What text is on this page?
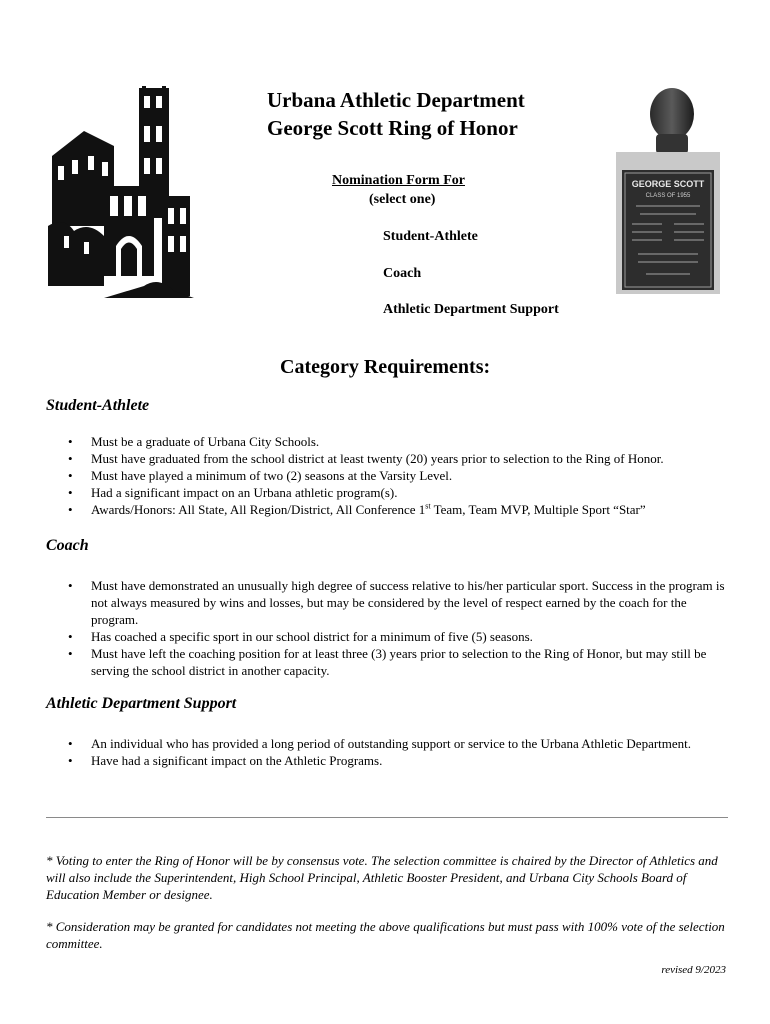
Urbana Athletic Department
George Scott Ring of Honor
Nomination Form For
(select one)
Student-Athlete
Coach
Athletic Department Support
GEORGE SCOTT
CLASS OF 1955
Category Requirements:
Student-Athlete
• Must be a graduate of Urbana City Schools.
• Must have graduated from the school district at least twenty (20) years prior to selection to the Ring of Honor.
• Must have played a minimum of two (2) seasons at the Varsity Level.
• Had a significant impact on an Urbana athletic program(s).
• Awards/Honors: All State, All Region/District, All Conference 1st Team, Team MVP, Multiple Sport “Star”
Coach
• Must have demonstrated an unusually high degree of success relative to his/her particular sport. Success in the program is not always measured by wins and losses, but may be considered by the level of respect earned by the coach for the program.
• Has coached a specific sport in our school district for a minimum of five (5) seasons.
• Must have left the coaching position for at least three (3) years prior to selection to the Ring of Honor, but may still be serving the school district in another capacity.
Athletic Department Support
• An individual who has provided a long period of outstanding support or service to the Urbana Athletic Department.
• Have had a significant impact on the Athletic Programs.
* Voting to enter the Ring of Honor will be by consensus vote. The selection committee is chaired by the Director of Athletics and will also include the Superintendent, High School Principal, Athletic Booster President, and Urbana City Schools Board of Education Member or designee.
* Consideration may be granted for candidates not meeting the above qualifications but must pass with 100% vote of the selection committee.
revised 9/2023
